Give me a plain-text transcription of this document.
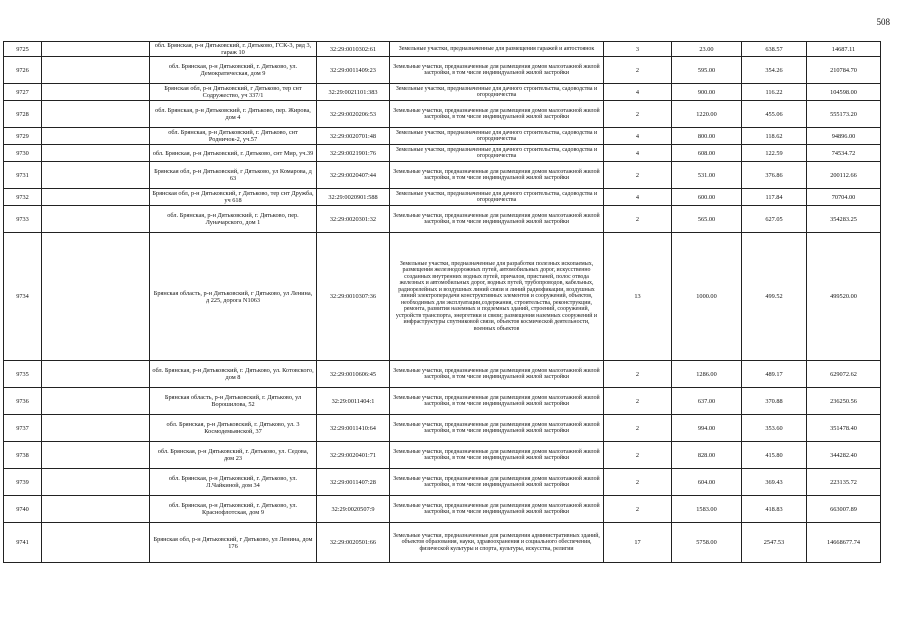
508
9725		обл. Брянская, р-н Дятьковский, г. Дятьково, ГСК-3, ряд 3, гараж 10	32:29:0010302:61	Земельные участки, предназначенные для размещения гаражей и автостоянок	3	23.00	638.57	14687.11
9726		обл. Брянская, р-н Дятьковский, г. Дятьково, ул. Демократическая, дом 9	32:29:0011409:23	Земельные участки, предназначенные для размещения домов малоэтажной жилой застройки, в том числе индивидуальной жилой застройки	2	595.00	354.26	210784.70
9727		Брянская обл, р-н Дятьковский, г Дятьково, тер снт Содружество, уч 337/1	32:29:0021101:383	Земельные участки, предназначенные для дачного строительства, садоводства и огородничества	4	900.00	116.22	104598.00
9728		обл. Брянская, р-н Дятьковский, г. Дятьково, пер. Жирова, дом 4	32:29:0020206:53	Земельные участки, предназначенные для размещения домов малоэтажной жилой застройки, в том числе индивидуальной жилой застройки	2	1220.00	455.06	555173.20
9729		обл. Брянская, р-н Дятьковский, г. Дятьково, снт Родничок-2, уч.57	32:29:0020701:48	Земельные участки, предназначенные для дачного строительства, садоводства и огородничества	4	800.00	118.62	94896.00
9730		обл. Брянская, р-н Дятьковский, г. Дятьково, снт Мир, уч.39	32:29:0021901:76	Земельные участки, предназначенные для дачного строительства, садоводства и огородничества	4	608.00	122.59	74534.72
9731		Брянская обл, р-н Дятьковский, г Дятьково, ул Комарова, д 63	32:29:0020407:44	Земельные участки, предназначенные для размещения домов малоэтажной жилой застройки, в том числе индивидуальной жилой застройки	2	531.00	376.86	200112.66
9732		Брянская обл, р-н Дятьковский, г Дятьково, тер снт Дружба, уч 618	32:29:0020901:588	Земельные участки, предназначенные для дачного строительства, садоводства и огородничества	4	600.00	117.84	70704.00
9733		обл. Брянская, р-н Дятьковский, г. Дятьково, пер. Луначарского, дом 1	32:29:0020301:32	Земельные участки, предназначенные для размещения домов малоэтажной жилой застройки, в том числе индивидуальной жилой застройки	2	565.00	627.05	354283.25
9734		Брянская область, р-н Дятьковский, г Дятьково, ул Ленина, д 225, дорога N1063	32:29:0010307:36	Земельные участки, предназначенные для разработки полезных ископаемых, размещения железнодорожных путей, автомобильных дорог, искусственно созданных внутренних водных путей, причалов, пристаней, полос отвода железных и автомобильных дорог, водных путей, трубопроводов, кабельных, радиорелейных и воздушных линий связи и линий радиофикации, воздушных линий электропередачи конструктивных элементов и сооружений, объектов, необходимых для эксплуатации,содержания, строительства, реконструкции, ремонта, развития наземных и подземных зданий, строений, сооружений, устройств транспорта, энергетики и связи; размещения наземных сооружений и инфраструктуры спутниковой связи, объектов космической деятельности, военных объектов	13	1000.00	499.52	499520.00
9735		обл. Брянская, р-н Дятьковский, г. Дятьково, ул. Котовского, дом 8	32:29:0010606:45	Земельные участки, предназначенные для размещения домов малоэтажной жилой застройки, в том числе индивидуальной жилой застройки	2	1286.00	489.17	629072.62
9736		Брянская область, р-н Дятьковский, г. Дятьково, ул Ворошилова, 52	32:29:0011404:1	Земельные участки, предназначенные для размещения домов малоэтажной жилой застройки, в том числе индивидуальной жилой застройки	2	637.00	370.88	236250.56
9737		обл. Брянская, р-н Дятьковский, г. Дятьково, ул. 3 Космодемьянской, 37	32:29:0011410:64	Земельные участки, предназначенные для размещения домов малоэтажной жилой застройки, в том числе индивидуальной жилой застройки	2	994.00	353.60	351478.40
9738		обл. Брянская, р-н Дятьковский, г. Дятьково, ул. Седова, дом 23	32:29:0020401:71	Земельные участки, предназначенные для размещения домов малоэтажной жилой застройки, в том числе индивидуальной жилой застройки	2	828.00	415.80	344282.40
9739		обл. Брянская, р-н Дятьковский, г. Дятьково, ул. Л.Чайкиной, дом 34	32:29:0011407:28	Земельные участки, предназначенные для размещения домов малоэтажной жилой застройки, в том числе индивидуальной жилой застройки	2	604.00	369.43	223135.72
9740		обл. Брянская, р-н Дятьковский, г. Дятьково, ул. Краснофлотская, дом 9	32:29:0020507:9	Земельные участки, предназначенные для размещения домов малоэтажной жилой застройки, в том числе индивидуальной жилой застройки	2	1583.00	418.83	663007.89
9741		Брянская обл, р-н Дятьковский, г Дятьково, ул Ленина, дом 176	32:29:0020501:66	Земельные участки, предназначенные для размещения административных зданий, объектов образования, науки, здравоохранения и социального обеспечения, физической культуры и спорта, культуры, искусства, религии	17	5758.00	2547.53	14668677.74
